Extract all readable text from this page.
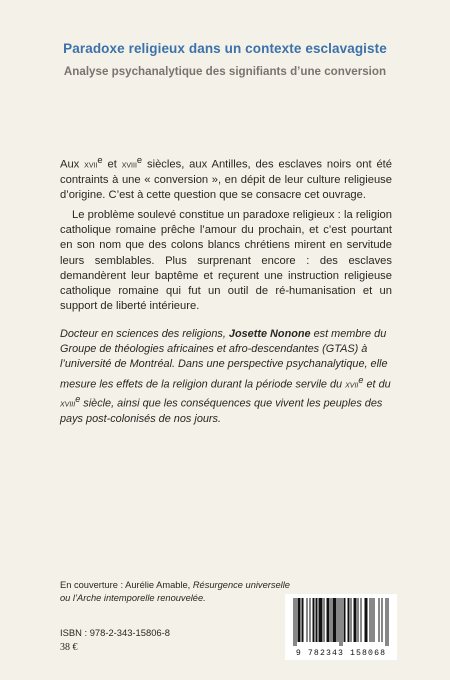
Paradoxe religieux dans un contexte esclavagiste
Analyse psychanalytique des signifiants d’une conversion

Aux xvii$^e$ et xviii$^e$ siècles, aux Antilles, des esclaves noirs ont été contraints à une « conversion », en dépit de leur culture religieuse d’origine. C’est à cette question que se consacre cet ouvrage.

Le problème soulevé constitue un paradoxe religieux : la religion catholique romaine prêche l’amour du prochain, et c’est pourtant en son nom que des colons blancs chrétiens mirent en servitude leurs semblables. Plus surprenant encore : des esclaves demandèrent leur baptême et reçurent une instruction religieuse catholique romaine qui fut un outil de ré-humanisation et un support de liberté intérieure.

Docteur en sciences des religions, Josette Nonone est membre du Groupe de théologies africaines et afro-descendantes (GTAS) à l’université de Montréal. Dans une perspective psychanalytique, elle mesure les effets de la religion durant la période servile du xvii$^e$ et du xviii$^e$ siècle, ainsi que les conséquences que vivent les peuples des pays post-colonisés de nos jours.
En couverture : Aurélie Amable, Résurgence universelle
ou l’Arche intemporelle renouvelée.
ISBN : 978-2-343-15806-8
38 €
9 782343 158068
